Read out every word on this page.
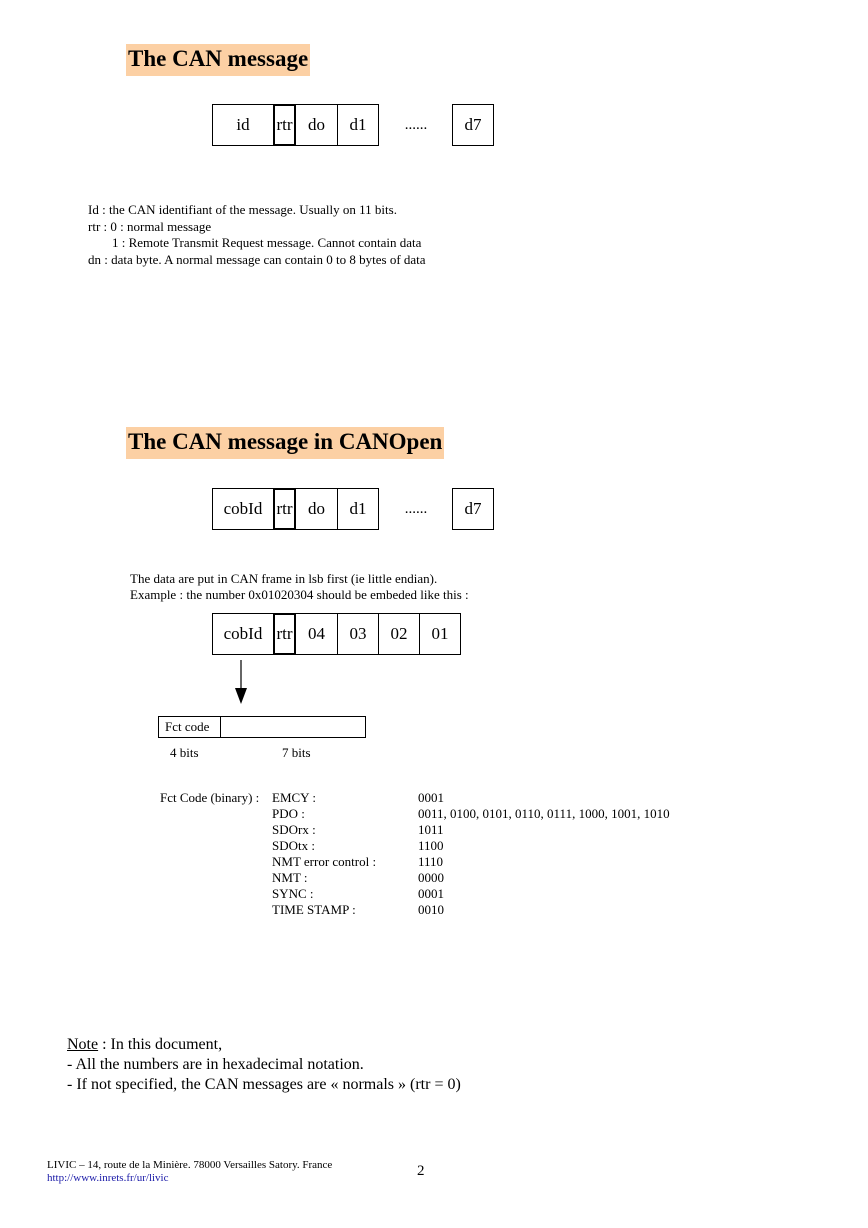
The CAN message
id	rtr do	d1	......	d7
Id : the CAN identifiant of the message. Usually on 11 bits.
rtr : 0 : normal message
1 : Remote Transmit Request message. Cannot contain data
dn : data byte. A normal message can contain 0 to 8 bytes of data
The CAN message in CANOpen
cobId rtr do	d1	......	d7
The data are put in CAN frame in lsb first (ie little endian).
Example : the number 0x01020304 should be embeded like this :
cobId rtr 04	03	02	01
Fct code
4 bits	7 bits
Fct Code (binary) : EMCY :	0001
PDO :	0011, 0100, 0101, 0110, 0111, 1000, 1001, 1010
SDOrx :	1011
SDOtx :	1100
NMT error control :	1110
NMT :	0000
SYNC :	0001
TIME STAMP :	0010
Note : In this document,
- All the numbers are in hexadecimal notation.
- If not specified, the CAN messages are « normals » (rtr = 0)
LIVIC – 14, route de la Minière. 78000 Versailles Satory. France
http://www.inrets.fr/ur/livic	2
